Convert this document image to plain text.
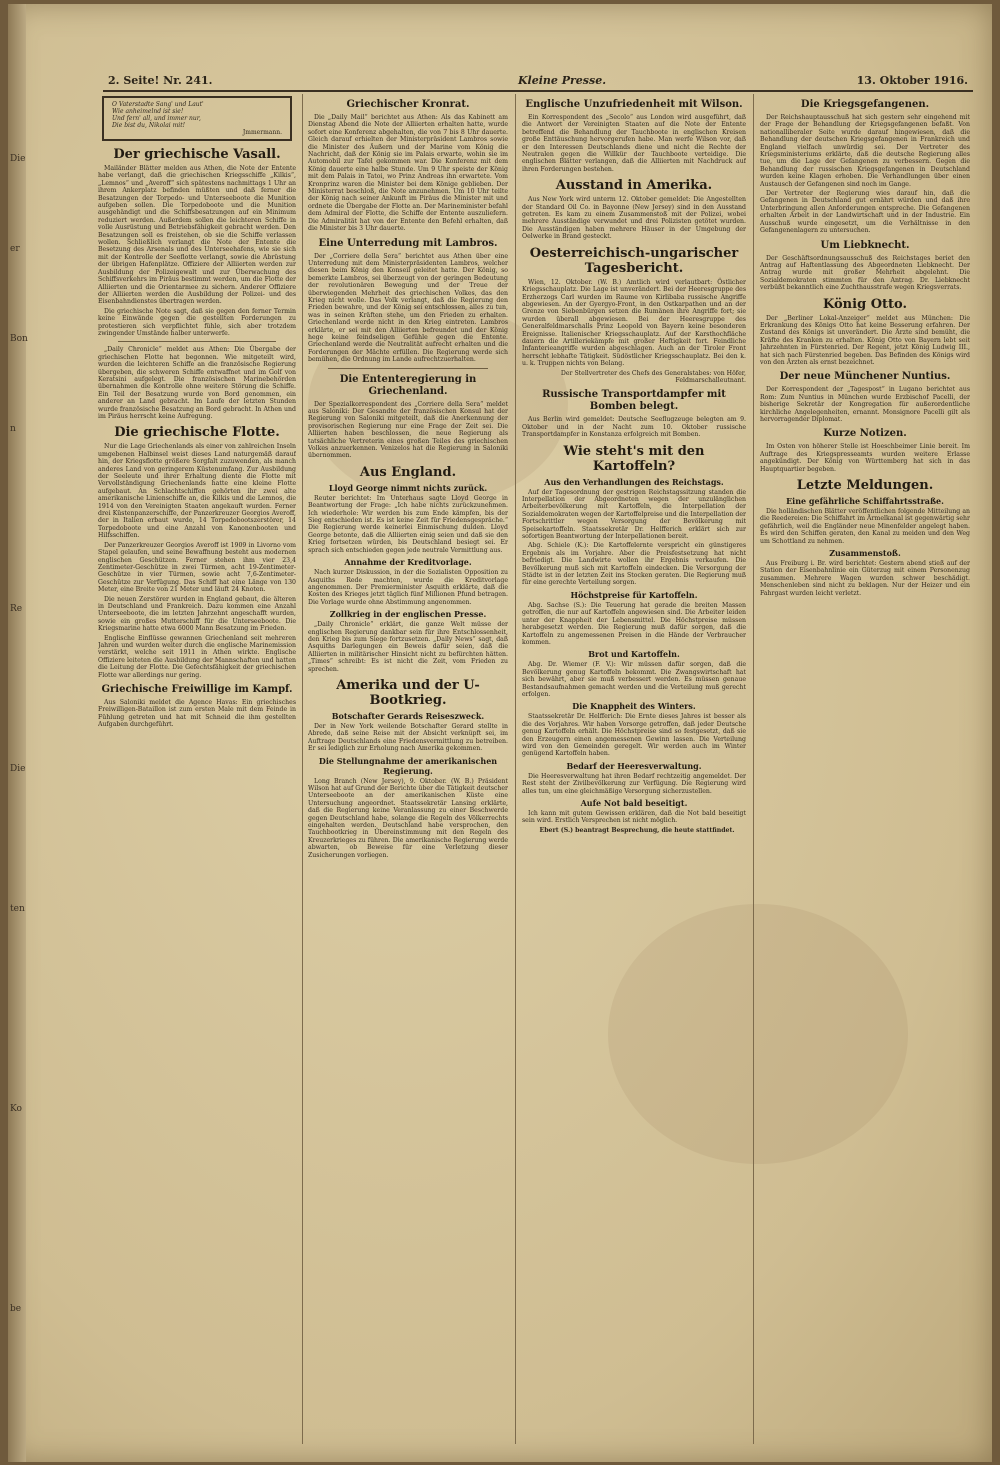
Die
er
Bon
n
Re
Die
ten
Ko
be
2. Seite! Nr. 241.	Kleine Presse.	13. Oktober 1916.
O Vaterstadte Sang' und Laut'
Wie anheimelnd ist sie!
Und fern' all, und immer nur,
Die bist du, Nikolai mit!
Jmmermann.
Der griechische Vasall.

Mailänder Blätter melden aus Athen, die Note der Entente habe verlangt, daß die griechischen Kriegsschiffe „Kilkis“, „Lemnos“ und „Averoff“ sich spätestens nachmittags 1 Uhr an ihrem Ankerplatz befinden müßten und daß ferner die Besatzungen der Torpedo- und Unterseeboote die Munition aufgeben sollen. Die Torpedoboote und die Munition ausgehändigt und die Schiffsbesatzungen auf ein Minimum reduziert werden. Außerdem sollen die leichteren Schiffe in volle Ausrüstung und Betriebsfähigkeit gebracht werden. Den Besatzungen soll es freistehen, ob sie die Schiffe verlassen wollen. Schließlich verlangt die Note der Entente die Besetzung des Arsenals und des Unterseehafens, wie sie sich mit der Kontrolle der Seeflotte verlangt, sowie die Abrüstung der übrigen Hafenplätze. Offiziere der Alliierten werden zur Ausbildung der Polizeigewalt und zur Überwachung des Schiffsverkehrs im Piräus bestimmt werden, um die Flotte der Alliierten und die Orientarmee zu sichern. Anderer Offiziere der Alliierten werden die Ausbildung der Polizei- und des Eisenbahndienstes übertragen werden.

Die griechische Note sagt, daß sie gegen den ferner Termin keine Einwände gegen die gestellten Forderungen zu protestieren sich verpflichtet fühle, sich aber trotzdem zwingender Umstände halber unterwerfe.

„Daily Chronicle“ meldet aus Athen: Die Übergabe der griechischen Flotte hat begonnen. Wie mitgeteilt wird, wurden die leichteren Schiffe an die französische Regierung übergeben, die schweren Schiffe entwaffnet und im Golf von Keratsini aufgelegt. Die französischen Marinebehörden übernahmen die Kontrolle ohne weitere Störung die Schiffe. Ein Teil der Besatzung wurde von Bord genommen, ein anderer an Land gebracht. Im Laufe der letzten Stunden wurde französische Besatzung an Bord gebracht. In Athen und im Piräus herrscht keine Aufregung.

Die griechische Flotte.

Nur die Lage Griechenlands als einer von zahlreichen Inseln umgebenen Halbinsel weist dieses Land naturgemäß darauf hin, der Kriegsflotte größere Sorgfalt zuzuwenden, als manch anderes Land von geringerem Küstenumfang. Zur Ausbildung der Seeleute und ihrer Erhaltung diente die Flotte mit Vervollständigung Griechenlands hatte eine kleine Flotte aufgebaut. An Schlachtschiffen gehörten ihr zwei alte amerikanische Linienschiffe an, die Kilkis und die Lemnos, die 1914 von den Vereinigten Staaten angekauft wurden. Ferner drei Küstenpanzerschiffe, der Panzerkreuzer Georgios Averoff, der in Italien erbaut wurde, 14 Torpedobootszerstörer, 14 Torpedoboote und eine Anzahl von Kanonenbooten und Hilfsschiffen.

Der Panzerkreuzer Georgios Averoff ist 1909 in Livorno vom Stapel gelaufen, und seine Bewaffnung besteht aus modernen englischen Geschützen. Ferner stehen ihm vier 23,4 Zentimeter-Geschütze in zwei Türmen, acht 19-Zentimeter-Geschütze in vier Türmen, sowie acht 7,6-Zentimeter-Geschütze zur Verfügung. Das Schiff hat eine Länge von 130 Meter, eine Breite von 21 Meter und läuft 24 Knoten.

Die neuen Zerstörer wurden in England gebaut, die älteren in Deutschland und Frankreich. Dazu kommen eine Anzahl Unterseeboote, die im letzten Jahrzehnt angeschafft wurden, sowie ein großes Mutterschiff für die Unterseeboote. Die Kriegsmarine hatte etwa 6000 Mann Besatzung im Frieden.

Englische Einflüsse gewannen Griechenland seit mehreren Jahren und wurden weiter durch die englische Marinemission verstärkt, welche seit 1911 in Athen wirkte. Englische Offiziere leiteten die Ausbildung der Mannschaften und hatten die Leitung der Flotte. Die Gefechtsfähigkeit der griechischen Flotte war allerdings nur gering.

Griechische Freiwillige im Kampf.

Aus Saloniki meldet die Agence Havas: Ein griechisches Freiwilligen-Bataillon ist zum ersten Male mit dem Feinde in Fühlung getreten und hat mit Schneid die ihm gestellten Aufgaben durchgeführt.

Griechischer Kronrat.

Die „Daily Mail“ berichtet aus Athen: Als das Kabinett am Dienstag Abend die Note der Alliierten erhalten hatte, wurde sofort eine Konferenz abgehalten, die von 7 bis 8 Uhr dauerte. Gleich darauf erhielten der Ministerpräsident Lambros sowie die Minister des Äußern und der Marine vom König die Nachricht, daß der König sie im Palais erwarte, wohin sie im Automobil zur Tafel gekommen war. Die Konferenz mit dem König dauerte eine halbe Stunde. Um 9 Uhr speiste der König mit dem Palais in Tatoi, wo Prinz Andreas ihn erwartete. Vom Kronprinz waren die Minister bei dem Könige geblieben. Der Ministerrat beschloß, die Note anzunehmen. Um 10 Uhr teilte der König nach seiner Ankunft im Piräus die Minister mit und ordnete die Übergabe der Flotte an. Der Marineminister befahl dem Admiral der Flotte, die Schiffe der Entente auszuliefern. Die Admiralität hat von der Entente den Befehl erhalten, daß die Minister bis 3 Uhr dauerte.

Eine Unterredung mit Lambros.

Der „Corriere della Sera“ berichtet aus Athen über eine Unterredung mit dem Ministerpräsidenten Lambros, welcher diesen beim König den Konseil geleitet hatte. Der König, so bemerkte Lambros, sei überzeugt von der geringen Bedeutung der revolutionären Bewegung und der Treue der überwiegenden Mehrheit des griechischen Volkes, das den Krieg nicht wolle. Das Volk verlangt, daß die Regierung den Frieden bewahre, und der König sei entschlossen, alles zu tun, was in seinen Kräften stehe, um den Frieden zu erhalten. Griechenland werde nicht in den Krieg eintreten. Lambros erklärte, er sei mit den Alliierten befreundet und der König hege keine feindseligen Gefühle gegen die Entente. Griechenland werde die Neutralität aufrecht erhalten und die Forderungen der Mächte erfüllen. Die Regierung werde sich bemühen, die Ordnung im Lande aufrechtzuerhalten.

Die Ententeregierung in Griechenland.

Der Spezialkorrespondent des „Corriere della Sera“ meldet aus Saloniki: Der Gesandte der französischen Konsul hat der Regierung von Saloniki mitgeteilt, daß die Anerkennung der provisorischen Regierung nur eine Frage der Zeit sei. Die Alliierten haben beschlossen, die neue Regierung als tatsächliche Vertreterin eines großen Teiles des griechischen Volkes anzuerkennen. Venizelos hat die Regierung in Saloniki übernommen.

Aus England.
Lloyd George nimmt nichts zurück.

Reuter berichtet: Im Unterhaus sagte Lloyd George in Beantwortung der Frage: „Ich habe nichts zurückzunehmen. Ich wiederhole: Wir werden bis zum Ende kämpfen, bis der Sieg entschieden ist. Es ist keine Zeit für Friedensgespräche.“ Die Regierung werde keinerlei Einmischung dulden. Lloyd George betonte, daß die Alliierten einig seien und daß sie den Krieg fortsetzen würden, bis Deutschland besiegt sei. Er sprach sich entschieden gegen jede neutrale Vermittlung aus.

Annahme der Kreditvorlage.

Nach kurzer Diskussion, in der die Sozialisten Opposition zu Asquiths Rede machten, wurde die Kreditvorlage angenommen. Der Premierminister Asquith erklärte, daß die Kosten des Krieges jetzt täglich fünf Millionen Pfund betragen. Die Vorlage wurde ohne Abstimmung angenommen.

Zollkrieg in der englischen Presse.

„Daily Chronicle“ erklärt, die ganze Welt müsse der englischen Regierung dankbar sein für ihre Entschlossenheit, den Krieg bis zum Siege fortzusetzen. „Daily News“ sagt, daß Asquiths Darlegungen ein Beweis dafür seien, daß die Alliierten in militärischer Hinsicht nicht zu befürchten hätten. „Times“ schreibt: Es ist nicht die Zeit, vom Frieden zu sprechen.

Amerika und der U-Bootkrieg.
Botschafter Gerards Reiseszweck.

Der in New York weilende Botschafter Gerard stellte in Abrede, daß seine Reise mit der Absicht verknüpft sei, im Auftrage Deutschlands eine Friedensvermittlung zu betreiben. Er sei lediglich zur Erholung nach Amerika gekommen.

Die Stellungnahme der amerikanischen Regierung.

Long Branch (New Jersey), 9. Oktober. (W. B.) Präsident Wilson hat auf Grund der Berichte über die Tätigkeit deutscher Unterseeboote an der amerikanischen Küste eine Untersuchung angeordnet. Staatssekretär Lansing erklärte, daß die Regierung keine Veranlassung zu einer Beschwerde gegen Deutschland habe, solange die Regeln des Völkerrechts eingehalten werden. Deutschland habe versprochen, den Tauchbootkrieg in Übereinstimmung mit den Regeln des Kreuzerkrieges zu führen. Die amerikanische Regierung werde abwarten, ob Beweise für eine Verletzung dieser Zusicherungen vorliegen.

Englische Unzufriedenheit mit Wilson.

Ein Korrespondent des „Secolo“ aus London wird ausgeführt, daß die Antwort der Vereinigten Staaten auf die Note der Entente betreffend die Behandlung der Tauchboote in englischen Kreisen große Enttäuschung hervorgerufen habe. Man werfe Wilson vor, daß er den Interessen Deutschlands diene und nicht die Rechte der Neutralen gegen die Willkür der Tauchboote verteidige. Die englischen Blätter verlangen, daß die Alliierten mit Nachdruck auf ihren Forderungen bestehen.

Ausstand in Amerika.

Aus New York wird unterm 12. Oktober gemeldet: Die Angestellten der Standard Oil Co. in Bayonne (New Jersey) sind in den Ausstand getreten. Es kam zu einem Zusammenstoß mit der Polizei, wobei mehrere Ausständige verwundet und drei Polizisten getötet wurden. Die Ausständigen haben mehrere Häuser in der Umgebung der Oelwerke in Brand gesteckt.

Oesterreichisch-ungarischer Tagesbericht.

Wien, 12. Oktober. (W. B.) Amtlich wird verlautbart: Östlicher Kriegsschauplatz. Die Lage ist unverändert. Bei der Heeresgruppe des Erzherzogs Carl wurden im Raume von Kirlibaba russische Angriffe abgewiesen. An der Gyergyo-Front, in den Ostkarpathen und an der Grenze von Siebenbürgen setzen die Rumänen ihre Angriffe fort; sie wurden überall abgewiesen. Bei der Heeresgruppe des Generalfeldmarschalls Prinz Leopold von Bayern keine besonderen Ereignisse. Italienischer Kriegsschauplatz. Auf der Karsthochfläche dauern die Artilleriekämpfe mit großer Heftigkeit fort. Feindliche Infanterieangriffe wurden abgeschlagen. Auch an der Tiroler Front herrscht lebhafte Tätigkeit. Südöstlicher Kriegsschauplatz. Bei den k. u. k. Truppen nichts von Belang.

Der Stellvertreter des Chefs des Generalstabes: von Höfer, Feldmarschalleutnant.

Russische Transportdampfer mit Bomben belegt.

Aus Berlin wird gemeldet: Deutsche Seeflugzeuge belegten am 9. Oktober und in der Nacht zum 10. Oktober russische Transportdampfer in Konstanza erfolgreich mit Bomben.

Wie steht's mit den Kartoffeln?
Aus den Verhandlungen des Reichstags.

Auf der Tagesordnung der gestrigen Reichstagssitzung standen die Interpellation der Abgeordneten wegen der unzulänglichen Arbeiterbevölkerung mit Kartoffeln, die Interpellation der Sozialdemokraten wegen der Kartoffelpreise und die Interpellation der Fortschrittler wegen Versorgung der Bevölkerung mit Speisekartoffeln. Staatssekretär Dr. Helfferich erklärt sich zur sofortigen Beantwortung der Interpellationen bereit.

Abg. Schiele (K.): Die Kartoffelernte verspricht ein günstigeres Ergebnis als im Vorjahre. Aber die Preisfestsetzung hat nicht befriedigt. Die Landwirte wollen ihr Ergebnis verkaufen. Die Bevölkerung muß sich mit Kartoffeln eindecken. Die Versorgung der Städte ist in der letzten Zeit ins Stocken geraten. Die Regierung muß für eine gerechte Verteilung sorgen.

Höchstpreise für Kartoffeln.

Abg. Sachse (S.): Die Teuerung hat gerade die breiten Massen getroffen, die nur auf Kartoffeln angewiesen sind. Die Arbeiter leiden unter der Knappheit der Lebensmittel. Die Höchstpreise müssen herabgesetzt werden. Die Regierung muß dafür sorgen, daß die Kartoffeln zu angemessenen Preisen in die Hände der Verbraucher kommen.

Brot und Kartoffeln.

Abg. Dr. Wiemer (F. V.): Wir müssen dafür sorgen, daß die Bevölkerung genug Kartoffeln bekommt. Die Zwangswirtschaft hat sich bewährt, aber sie muß verbessert werden. Es müssen genaue Bestandsaufnahmen gemacht werden und die Verteilung muß gerecht erfolgen.

Die Knappheit des Winters.

Staatssekretär Dr. Helfferich: Die Ernte dieses Jahres ist besser als die des Vorjahres. Wir haben Vorsorge getroffen, daß jeder Deutsche genug Kartoffeln erhält. Die Höchstpreise sind so festgesetzt, daß sie den Erzeugern einen angemessenen Gewinn lassen. Die Verteilung wird von den Gemeinden geregelt. Wir werden auch im Winter genügend Kartoffeln haben.

Bedarf der Heeresverwaltung.

Die Heeresverwaltung hat ihren Bedarf rechtzeitig angemeldet. Der Rest steht der Zivilbevölkerung zur Verfügung. Die Regierung wird alles tun, um eine gleichmäßige Versorgung sicherzustellen.

Aufe Not bald beseitigt.

Ich kann mit gutem Gewissen erklären, daß die Not bald beseitigt sein wird. Erstlich Versprechen ist nicht möglich.

Ebert (S.) beantragt Besprechung, die heute stattfindet.

Die Kriegsgefangenen.

Der Reichshauptausschuß hat sich gestern sehr eingehend mit der Frage der Behandlung der Kriegsgefangenen befaßt. Von nationalliberaler Seite wurde darauf hingewiesen, daß die Behandlung der deutschen Kriegsgefangenen in Frankreich und England vielfach unwürdig sei. Der Vertreter des Kriegsministeriums erklärte, daß die deutsche Regierung alles tue, um die Lage der Gefangenen zu verbessern. Gegen die Behandlung der russischen Kriegsgefangenen in Deutschland wurden keine Klagen erhoben. Die Verhandlungen über einen Austausch der Gefangenen sind noch im Gange.

Der Vertreter der Regierung wies darauf hin, daß die Gefangenen in Deutschland gut ernährt würden und daß ihre Unterbringung allen Anforderungen entspreche. Die Gefangenen erhalten Arbeit in der Landwirtschaft und in der Industrie. Ein Ausschuß wurde eingesetzt, um die Verhältnisse in den Gefangenenlagern zu untersuchen.

Um Liebknecht.

Der Geschäftsordnungsausschuß des Reichstages beriet den Antrag auf Haftentlassung des Abgeordneten Liebknecht. Der Antrag wurde mit großer Mehrheit abgelehnt. Die Sozialdemokraten stimmten für den Antrag. Dr. Liebknecht verbüßt bekanntlich eine Zuchthausstrafe wegen Kriegsverrats.

König Otto.

Der „Berliner Lokal-Anzeiger“ meldet aus München: Die Erkrankung des Königs Otto hat keine Besserung erfahren. Der Zustand des Königs ist unverändert. Die Ärzte sind bemüht, die Kräfte des Kranken zu erhalten. König Otto von Bayern lebt seit Jahrzehnten in Fürstenried. Der Regent, jetzt König Ludwig III., hat sich nach Fürstenried begeben. Das Befinden des Königs wird von den Ärzten als ernst bezeichnet.

Der neue Münchener Nuntius.

Der Korrespondent der „Tagespost“ in Lugano berichtet aus Rom: Zum Nuntius in München wurde Erzbischof Pacelli, der bisherige Sekretär der Kongregation für außerordentliche kirchliche Angelegenheiten, ernannt. Monsignore Pacelli gilt als hervorragender Diplomat.

Kurze Notizen.

Im Osten von höherer Stelle ist Hoeschbeimer Linie bereit. Im Auftrage des Kriegspresseamts wurden weitere Erlasse angekündigt. Der König von Württemberg hat sich in das Hauptquartier begeben.

Letzte Meldungen.
Eine gefährliche Schiffahrtsstraße.

Die holländischen Blätter veröffentlichen folgende Mitteilung an die Reedereien: Die Schiffahrt im Ärmelkanal ist gegenwärtig sehr gefährlich, weil die Engländer neue Minenfelder angelegt haben. Es wird den Schiffen geraten, den Kanal zu meiden und den Weg um Schottland zu nehmen.

Zusammenstoß.

Aus Freiburg i. Br. wird berichtet: Gestern abend stieß auf der Station der Eisenbahnlinie ein Güterzug mit einem Personenzug zusammen. Mehrere Wagen wurden schwer beschädigt. Menschenleben sind nicht zu beklagen. Nur der Heizer und ein Fahrgast wurden leicht verletzt.
